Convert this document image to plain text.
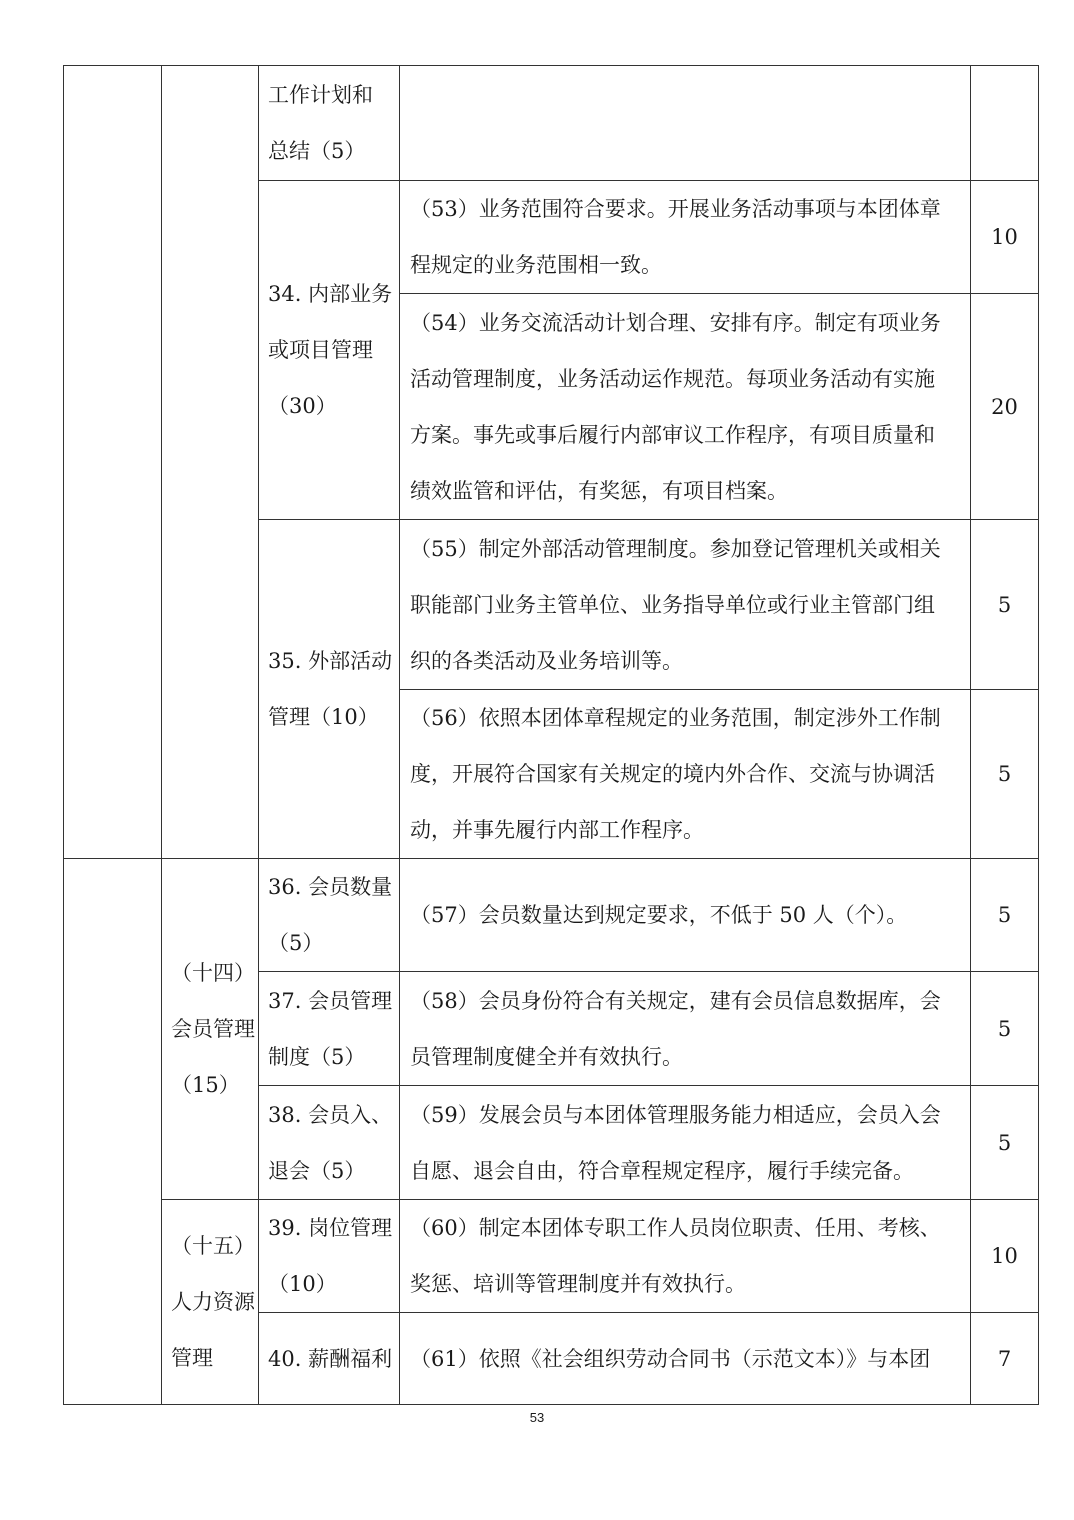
		工作计划和总结（5）		
		34. 内部业务或项目管理（30）	（53）业务范围符合要求。开展业务活动事项与本团体章程规定的业务范围相一致。	10
			（54）业务交流活动计划合理、安排有序。制定有项业务活动管理制度，业务活动运作规范。每项业务活动有实施方案。事先或事后履行内部审议工作程序，有项目质量和绩效监管和评估，有奖惩，有项目档案。	20
		35. 外部活动管理（10）	（55）制定外部活动管理制度。参加登记管理机关或相关职能部门业务主管单位、业务指导单位或行业主管部门组织的各类活动及业务培训等。	5
			（56）依照本团体章程规定的业务范围，制定涉外工作制度，开展符合国家有关规定的境内外合作、交流与协调活动，并事先履行内部工作程序。	5
	（十四）会员管理（15）	36. 会员数量（5）	（57）会员数量达到规定要求，不低于 50 人（个）。	5
		37. 会员管理制度（5）	（58）会员身份符合有关规定，建有会员信息数据库，会员管理制度健全并有效执行。	5
		38. 会员入、退会（5）	（59）发展会员与本团体管理服务能力相适应，会员入会自愿、退会自由，符合章程规定程序，履行手续完备。	5
	（十五）人力资源管理	39. 岗位管理（10）	（60）制定本团体专职工作人员岗位职责、任用、考核、奖惩、培训等管理制度并有效执行。	10
		40. 薪酬福利	（61）依照《社会组织劳动合同书（示范文本）》与本团	7
53
